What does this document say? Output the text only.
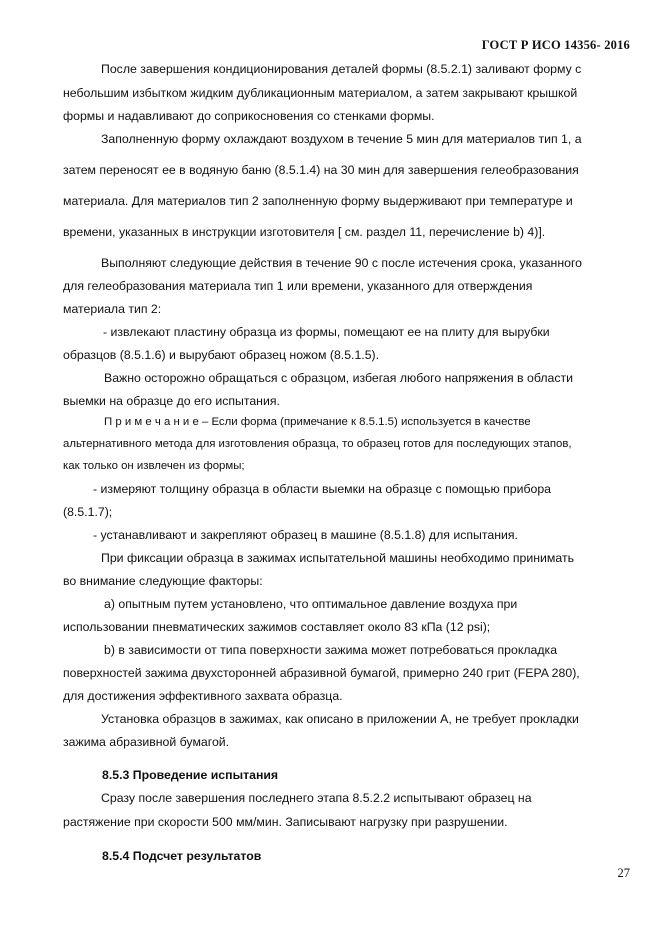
ГОСТ Р ИСО 14356- 2016
После завершения кондиционирования деталей формы (8.5.2.1) заливают форму с
небольшим избытком жидким дубликационным материалом, а затем закрывают крышкой
формы и надавливают до соприкосновения со стенками формы.
Заполненную форму охлаждают воздухом в течение 5 мин для материалов тип 1, а
затем переносят ее в водяную баню (8.5.1.4) на 30 мин для завершения гелеобразования
материала. Для материалов тип 2 заполненную форму выдерживают при температуре и
времени, указанных в инструкции изготовителя [ см. раздел 11, перечисление b) 4)].
Выполняют следующие действия в течение 90 с после истечения срока, указанного
для гелеобразования материала тип 1 или времени, указанного для отверждения
материала тип 2:
- извлекают пластину образца из формы, помещают ее на плиту для вырубки
образцов (8.5.1.6) и вырубают образец ножом (8.5.1.5).
Важно осторожно обращаться с образцом, избегая любого напряжения в области
выемки на образце до его испытания.
П р и м е ч а н и е – Если форма (примечание к 8.5.1.5) используется в качестве
альтернативного метода для изготовления образца, то образец готов для последующих этапов,
как только он извлечен из формы;
- измеряют толщину образца в области выемки на образце с помощью прибора
(8.5.1.7);
- устанавливают и закрепляют образец в машине (8.5.1.8) для испытания.
При фиксации образца в зажимах испытательной машины необходимо принимать
во внимание следующие факторы:
а) опытным путем установлено, что оптимальное давление воздуха при
использовании пневматических зажимов составляет около 83 кПа (12 psi);
b) в зависимости от типа поверхности зажима может потребоваться прокладка
поверхностей зажима двухсторонней абразивной бумагой, примерно 240 грит (FEPA 280),
для достижения эффективного захвата образца.
Установка образцов в зажимах, как описано в приложении А, не требует прокладки
зажима абразивной бумагой.
8.5.3 Проведение испытания
Сразу после завершения последнего этапа 8.5.2.2 испытывают образец на
растяжение при скорости 500 мм/мин. Записывают нагрузку при разрушении.
8.5.4 Подсчет результатов
27
